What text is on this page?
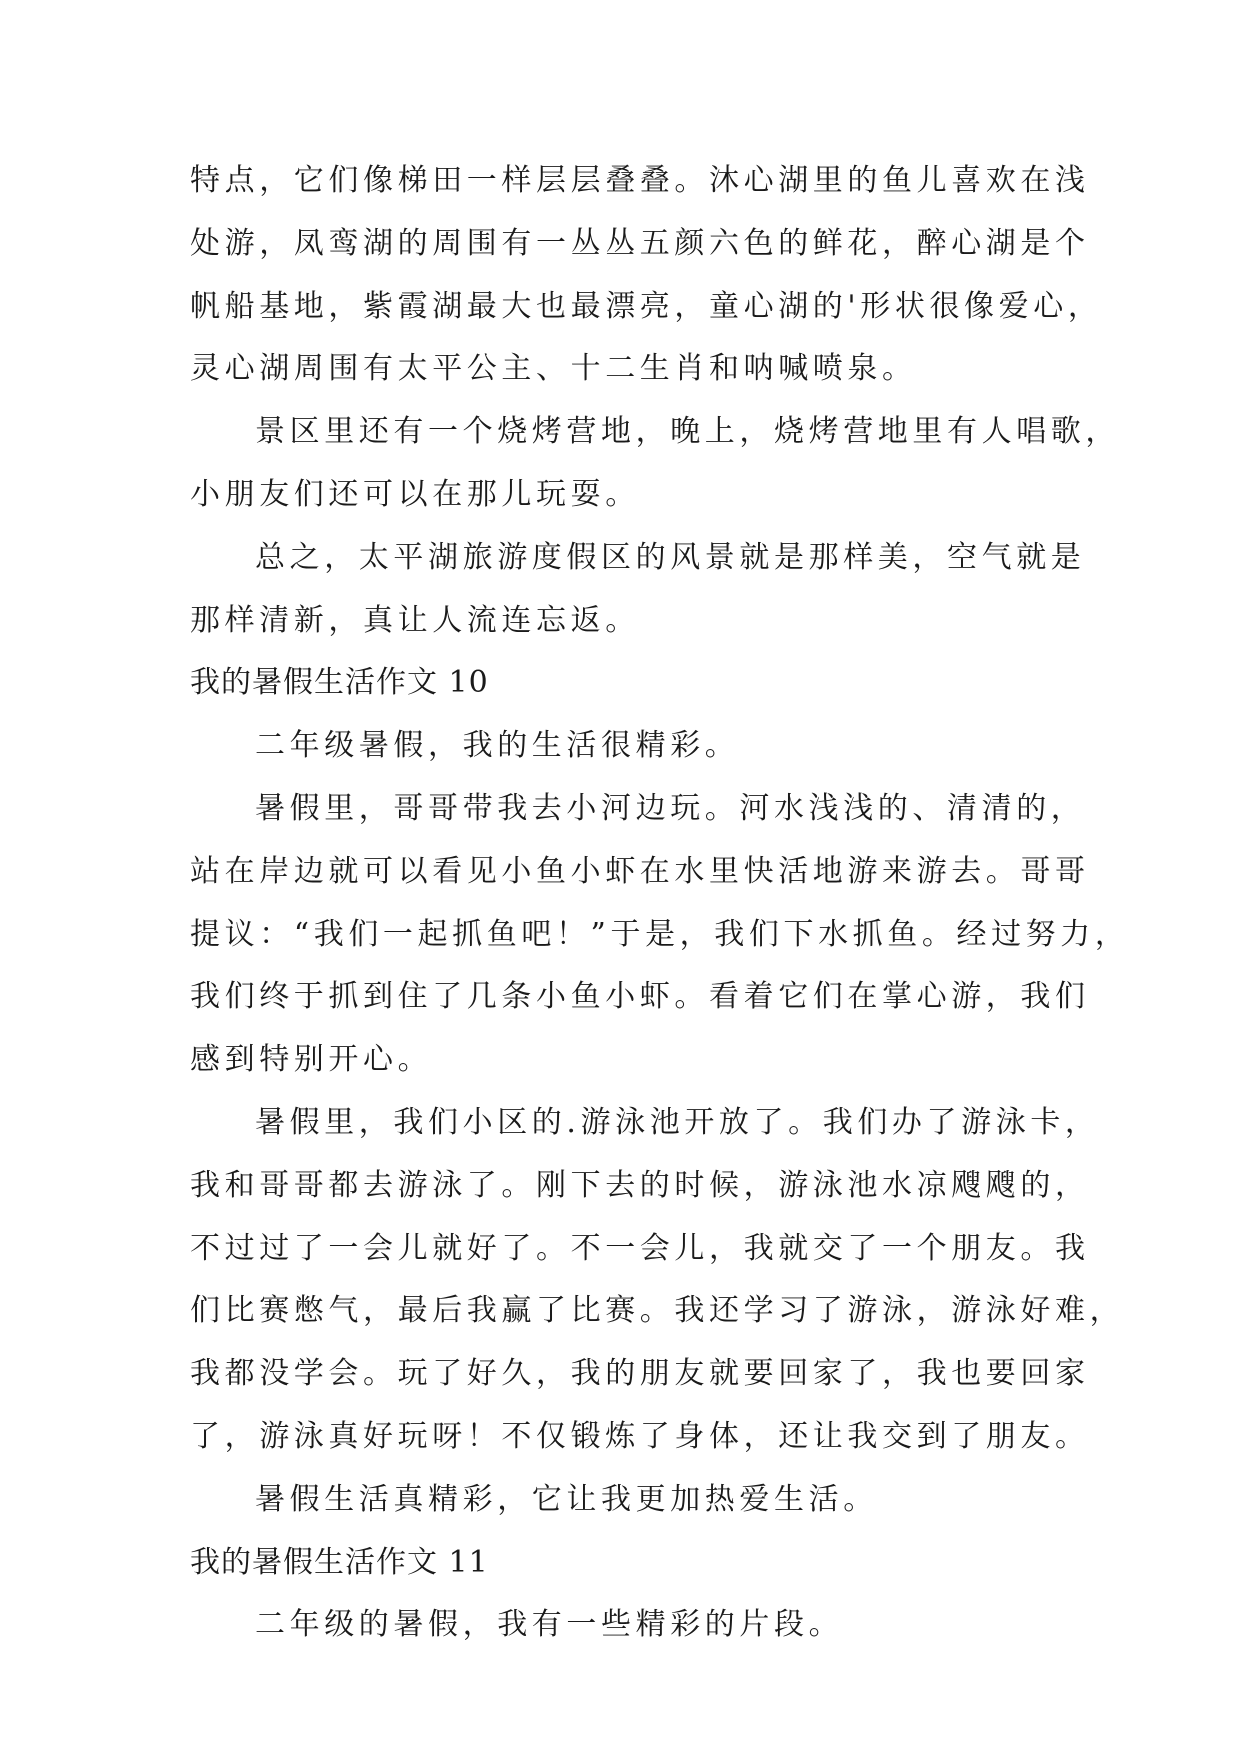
特点，它们像梯田一样层层叠叠。沐心湖里的鱼儿喜欢在浅
处游，凤鸾湖的周围有一丛丛五颜六色的鲜花，醉心湖是个
帆船基地，紫霞湖最大也最漂亮，童心湖的'形状很像爱心，
灵心湖周围有太平公主、十二生肖和呐喊喷泉。
景区里还有一个烧烤营地，晚上，烧烤营地里有人唱歌，
小朋友们还可以在那儿玩耍。
总之，太平湖旅游度假区的风景就是那样美，空气就是
那样清新，真让人流连忘返。
我的暑假生活作文 10
二年级暑假，我的生活很精彩。
暑假里，哥哥带我去小河边玩。河水浅浅的、清清的，
站在岸边就可以看见小鱼小虾在水里快活地游来游去。哥哥
提议：“我们一起抓鱼吧！”于是，我们下水抓鱼。经过努力，
我们终于抓到住了几条小鱼小虾。看着它们在掌心游，我们
感到特别开心。
暑假里，我们小区的.游泳池开放了。我们办了游泳卡，
我和哥哥都去游泳了。刚下去的时候，游泳池水凉飕飕的，
不过过了一会儿就好了。不一会儿，我就交了一个朋友。我
们比赛憋气，最后我赢了比赛。我还学习了游泳，游泳好难，
我都没学会。玩了好久，我的朋友就要回家了，我也要回家
了，游泳真好玩呀！不仅锻炼了身体，还让我交到了朋友。
暑假生活真精彩，它让我更加热爱生活。
我的暑假生活作文 11
二年级的暑假，我有一些精彩的片段。
